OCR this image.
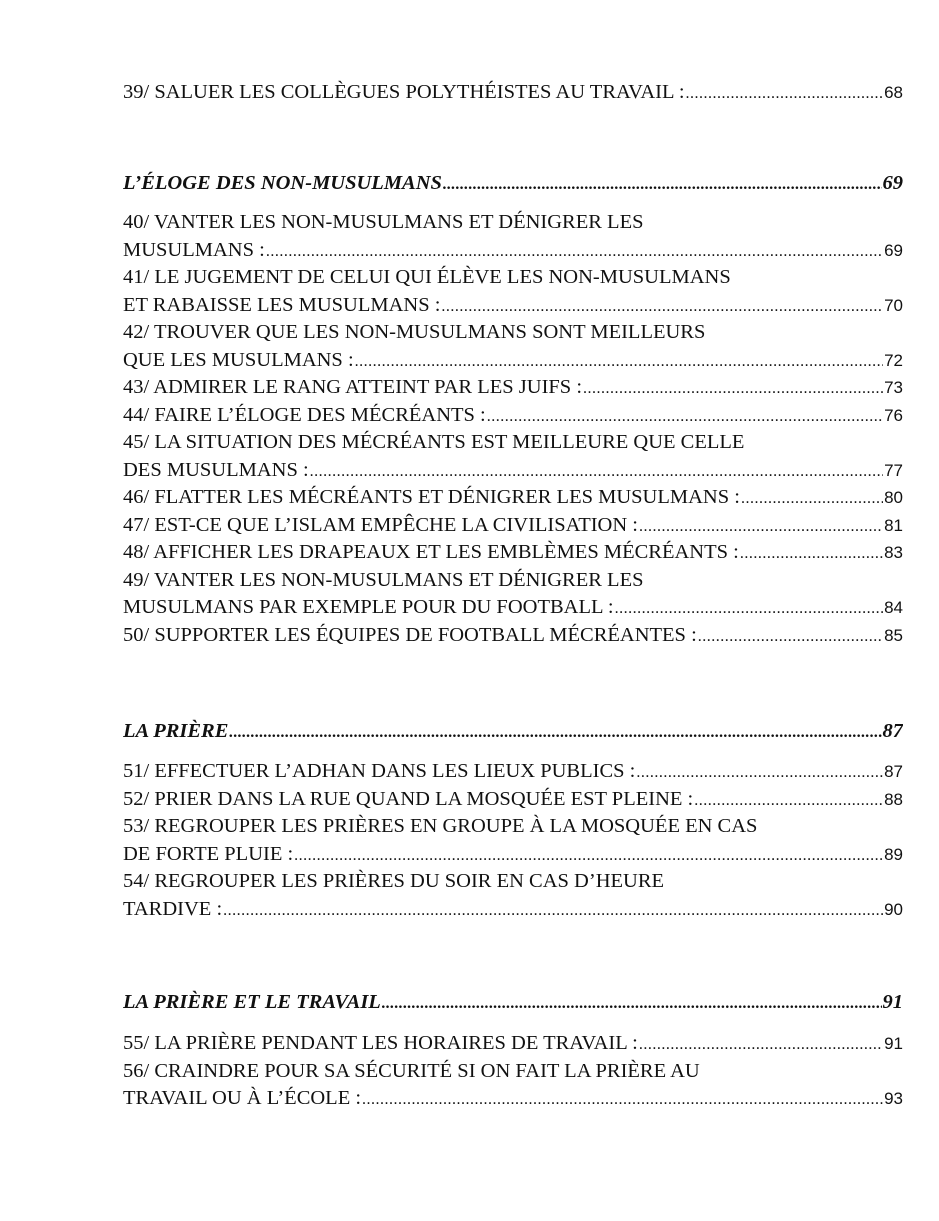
39/ SALUER LES COLLÈGUES POLYTHÉISTES AU TRAVAIL : .....	68
L’ÉLOGE DES NON-MUSULMANS .....	69
40/ VANTER LES NON-MUSULMANS ET DÉNIGRER LES
MUSULMANS : .....	69
41/ LE JUGEMENT DE CELUI QUI ÉLÈVE LES NON-MUSULMANS
ET RABAISSE LES MUSULMANS : .....	70
42/ TROUVER QUE LES NON-MUSULMANS SONT MEILLEURS
QUE LES MUSULMANS : .....	72
43/ ADMIRER LE RANG ATTEINT PAR LES JUIFS : .....	73
44/ FAIRE L’ÉLOGE DES MÉCRÉANTS : .....	76
45/ LA SITUATION DES MÉCRÉANTS EST MEILLEURE QUE CELLE
DES MUSULMANS : .....	77
46/ FLATTER LES MÉCRÉANTS ET DÉNIGRER LES MUSULMANS : .....	80
47/ EST-CE QUE L’ISLAM EMPÊCHE LA CIVILISATION : .....	81
48/ AFFICHER LES DRAPEAUX ET LES EMBLÈMES MÉCRÉANTS : .....	83
49/ VANTER LES NON-MUSULMANS ET DÉNIGRER LES
MUSULMANS PAR EXEMPLE POUR DU FOOTBALL : .....	84
50/ SUPPORTER LES ÉQUIPES DE FOOTBALL MÉCRÉANTES : .....	85
LA PRIÈRE .....	87
51/ EFFECTUER L’ADHAN DANS LES LIEUX PUBLICS : .....	87
52/ PRIER DANS LA RUE QUAND LA MOSQUÉE EST PLEINE : .....	88
53/ REGROUPER LES PRIÈRES EN GROUPE À LA MOSQUÉE EN CAS
DE FORTE PLUIE : .....	89
54/ REGROUPER LES PRIÈRES DU SOIR EN CAS D’HEURE
TARDIVE : .....	90
LA PRIÈRE ET LE TRAVAIL .....	91
55/ LA PRIÈRE PENDANT LES HORAIRES DE TRAVAIL : .....	91
56/ CRAINDRE POUR SA SÉCURITÉ SI ON FAIT LA PRIÈRE AU
TRAVAIL OU À L’ÉCOLE : .....	93
